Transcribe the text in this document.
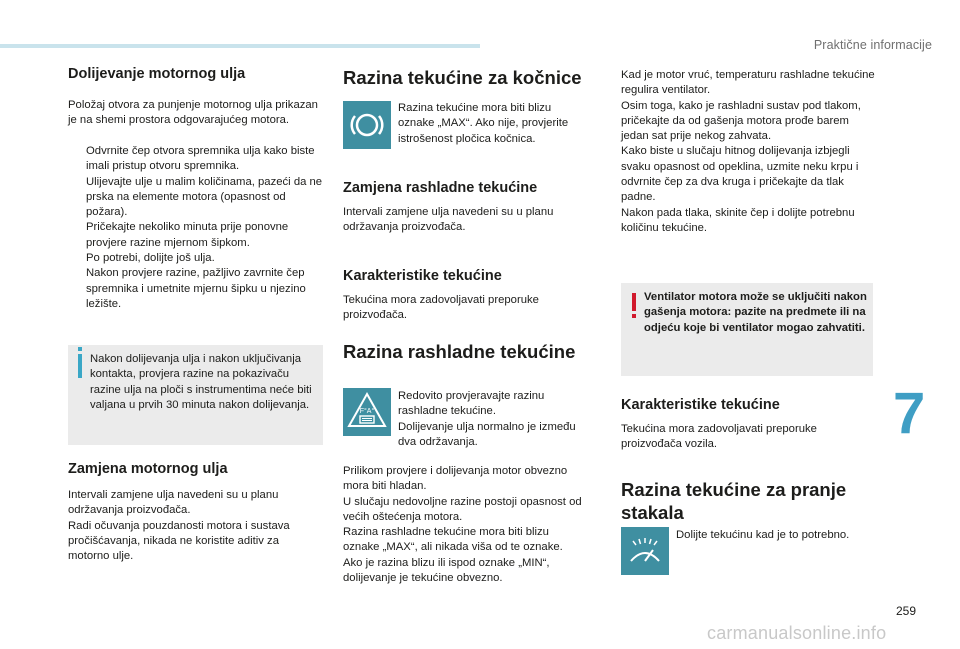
Praktične informacije
Dolijevanje motornog ulja

Položaj otvora za punjenje motornog ulja prikazan je na shemi prostora odgovarajućeg motora.

Odvrnite čep otvora spremnika ulja kako biste imali pristup otvoru spremnika.
Ulijevajte ulje u malim količinama, pazeći da ne prska na elemente motora (opasnost od požara).
Pričekajte nekoliko minuta prije ponovne provjere razine mjernom šipkom.
Po potrebi, dolijte još ulja.
Nakon provjere razine, pažljivo zavrnite čep spremnika i umetnite mjernu šipku u njezino ležište.

Nakon dolijevanja ulja i nakon uključivanja kontakta, provjera razine na pokazivaču razine ulja na ploči s instrumentima neće biti valjana u prvih 30 minuta nakon dolijevanja.

Zamjena motornog ulja

Intervali zamjene ulja navedeni su u planu održavanja proizvođača.
Radi očuvanja pouzdanosti motora i sustava pročišćavanja, nikada ne koristite aditiv za motorno ulje.

Razina tekućine za kočnice

Razina tekućine mora biti blizu oznake „MAX“. Ako nije, provjerite istrošenost pločica kočnica.

Zamjena rashladne tekućine

Intervali zamjene ulja navedeni su u planu održavanja proizvođača.

Karakteristike tekućine

Tekućina mora zadovoljavati preporuke proizvođača.

Razina rashladne tekućine
F°A°

Redovito provjeravajte razinu rashladne tekućine.
Dolijevanje ulja normalno je između dva održavanja.

Prilikom provjere i dolijevanja motor obvezno mora biti hladan.
U slučaju nedovoljne razine postoji opasnost od većih oštećenja motora.
Razina rashladne tekućine mora biti blizu oznake „MAX“, ali nikada viša od te oznake.
Ako je razina blizu ili ispod oznake „MIN“, dolijevanje je tekućine obvezno.

Kad je motor vruć, temperaturu rashladne tekućine regulira ventilator.
Osim toga, kako je rashladni sustav pod tlakom, pričekajte da od gašenja motora prođe barem jedan sat prije nekog zahvata.
Kako biste u slučaju hitnog dolijevanja izbjegli svaku opasnost od opeklina, uzmite neku krpu i odvrnite čep za dva kruga i pričekajte da tlak padne.
Nakon pada tlaka, skinite čep i dolijte potrebnu količinu tekućine.

Ventilator motora može se uključiti nakon gašenja motora: pazite na predmete ili na odjeću koje bi ventilator mogao zahvatiti.

Karakteristike tekućine

Tekućina mora zadovoljavati preporuke proizvođača vozila.

Razina tekućine za pranje stakala

Dolijte tekućinu kad je to potrebno.

7
259
carmanualsonline.info
